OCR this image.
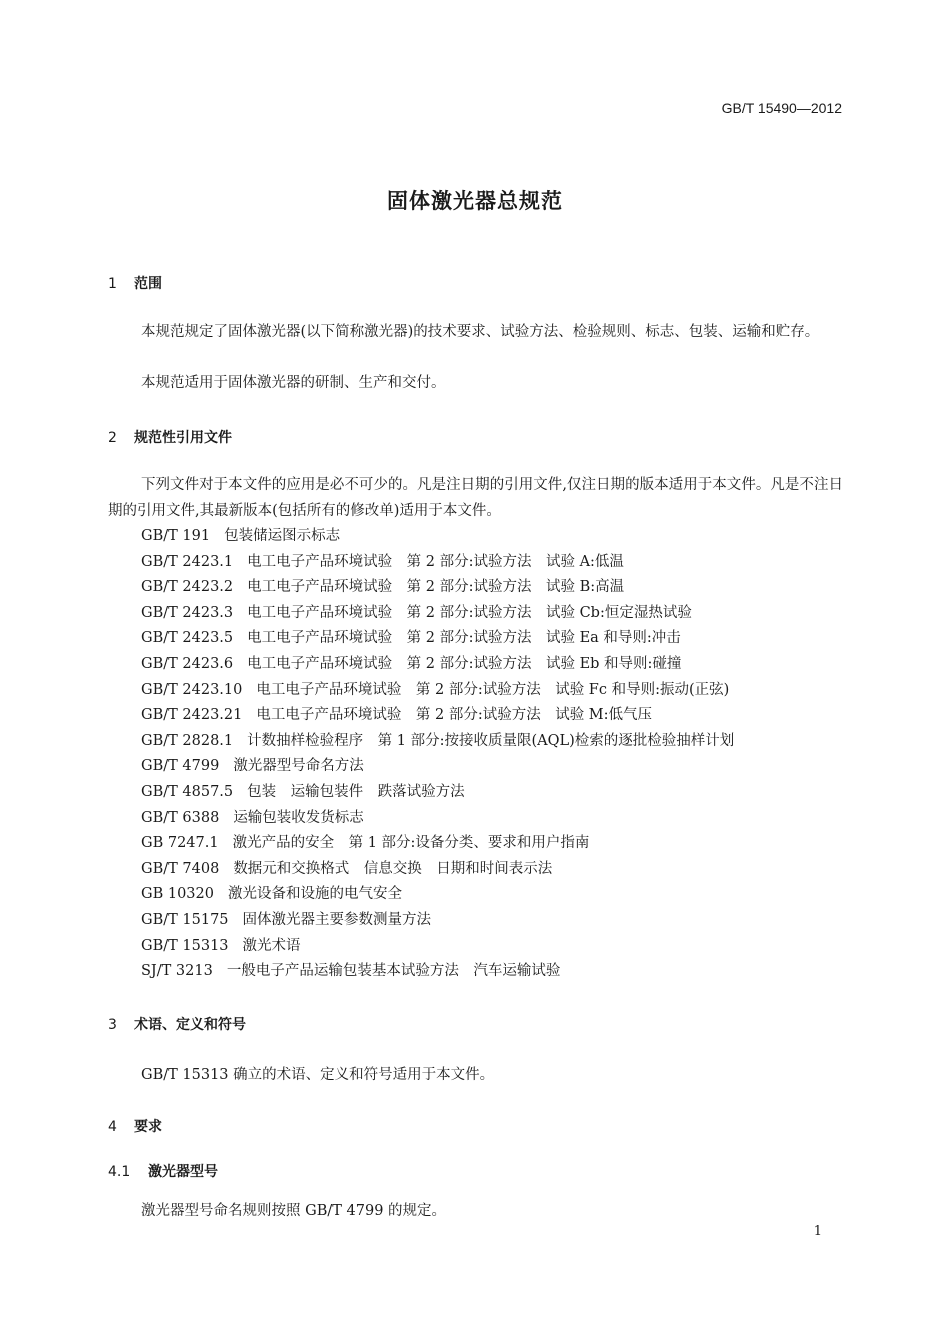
GB/T 15490—2012
固体激光器总规范
1 范围
本规范规定了固体激光器(以下简称激光器)的技术要求、试验方法、检验规则、标志、包装、运输和贮存。
本规范适用于固体激光器的研制、生产和交付。
2 规范性引用文件
下列文件对于本文件的应用是必不可少的。凡是注日期的引用文件,仅注日期的版本适用于本文件。凡是不注日期的引用文件,其最新版本(包括所有的修改单)适用于本文件。
GB/T 191 包装储运图示标志
GB/T 2423.1 电工电子产品环境试验　第 2 部分:试验方法　试验 A:低温
GB/T 2423.2 电工电子产品环境试验　第 2 部分:试验方法　试验 B:高温
GB/T 2423.3 电工电子产品环境试验　第 2 部分:试验方法　试验 Cb:恒定湿热试验
GB/T 2423.5 电工电子产品环境试验　第 2 部分:试验方法　试验 Ea 和导则:冲击
GB/T 2423.6 电工电子产品环境试验　第 2 部分:试验方法　试验 Eb 和导则:碰撞
GB/T 2423.10 电工电子产品环境试验　第 2 部分:试验方法　试验 Fc 和导则:振动(正弦)
GB/T 2423.21 电工电子产品环境试验　第 2 部分:试验方法　试验 M:低气压
GB/T 2828.1 计数抽样检验程序　第 1 部分:按接收质量限(AQL)检索的逐批检验抽样计划
GB/T 4799 激光器型号命名方法
GB/T 4857.5 包装　运输包装件　跌落试验方法
GB/T 6388 运输包装收发货标志
GB 7247.1 激光产品的安全　第 1 部分:设备分类、要求和用户指南
GB/T 7408 数据元和交换格式　信息交换　日期和时间表示法
GB 10320 激光设备和设施的电气安全
GB/T 15175 固体激光器主要参数测量方法
GB/T 15313 激光术语
SJ/T 3213 一般电子产品运输包装基本试验方法　汽车运输试验
3 术语、定义和符号
GB/T 15313 确立的术语、定义和符号适用于本文件。
4 要求
4.1 激光器型号
激光器型号命名规则按照 GB/T 4799 的规定。
1
